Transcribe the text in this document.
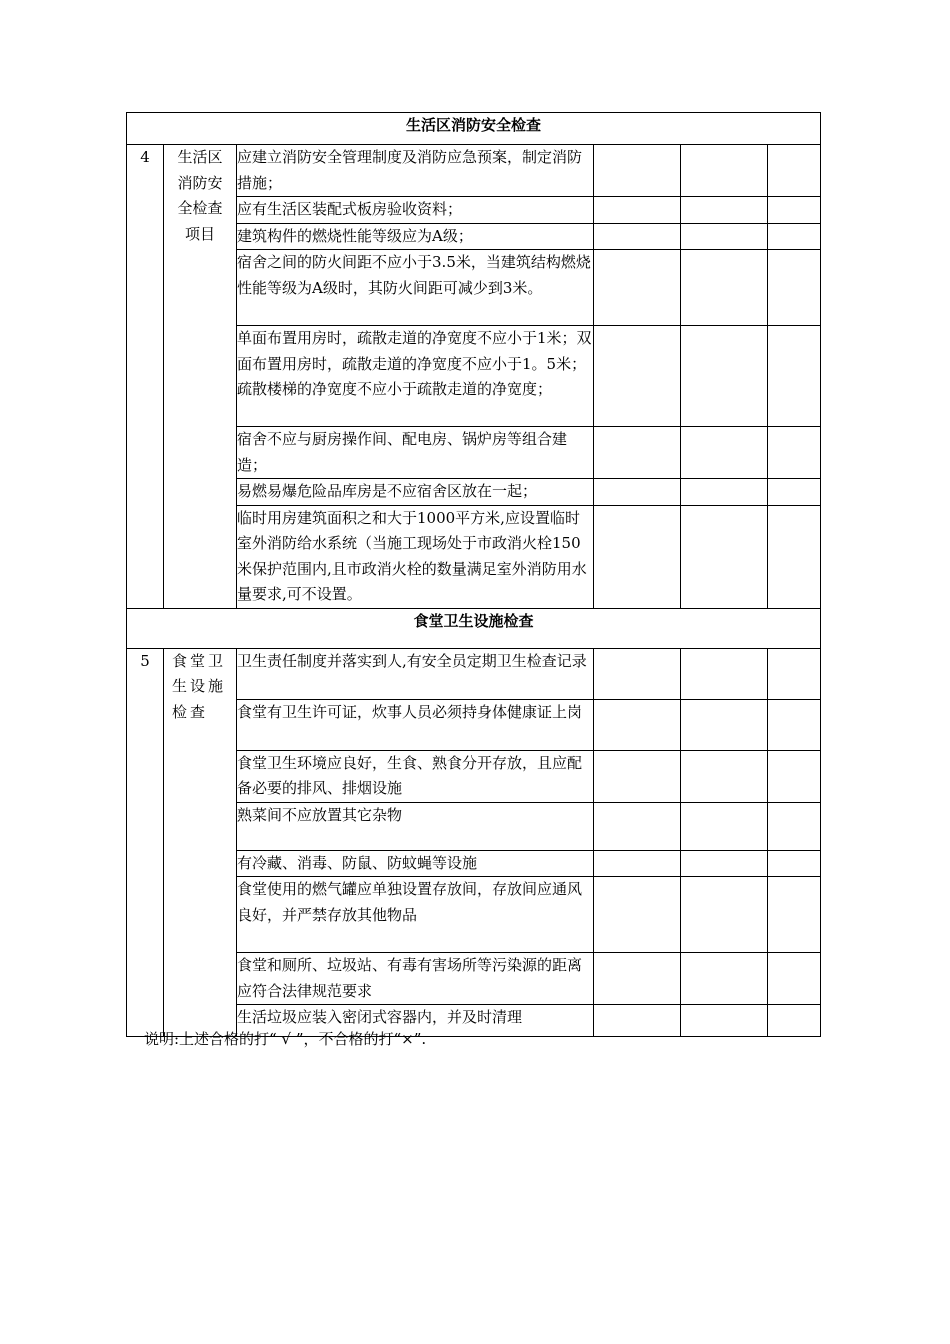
生活区消防安全检查					
4	生活区
消防安
全检查
项目	应建立消防安全管理制度及消防应急预案，制定消防措施；			
		应有生活区装配式板房验收资料；			
		建筑构件的燃烧性能等级应为A级；			
		宿舍之间的防火间距不应小于3.5米，当建筑结构燃烧性能等级为A级时，其防火间距可减少到3米。			
		单面布置用房时，疏散走道的净宽度不应小于1米；双面布置用房时，疏散走道的净宽度不应小于1。5米；疏散楼梯的净宽度不应小于疏散走道的净宽度；			
		宿舍不应与厨房操作间、配电房、锅炉房等组合建造；			
		易燃易爆危险品库房是不应宿舍区放在一起；			
		临时用房建筑面积之和大于1000平方米,应设置临时室外消防给水系统（当施工现场处于市政消火栓150米保护范围内,且市政消火栓的数量满足室外消防用水量要求,可不设置。			
食堂卫生设施检查					
5	食堂卫
生设施
检查	卫生责任制度并落实到人,有安全员定期卫生检查记录			
		食堂有卫生许可证，炊事人员必须持身体健康证上岗			
		食堂卫生环境应良好，生食、熟食分开存放，且应配备必要的排风、排烟设施			
		熟菜间不应放置其它杂物			
		有冷藏、消毒、防鼠、防蚊蝇等设施			
		食堂使用的燃气罐应单独设置存放间，存放间应通风良好，并严禁存放其他物品			
		食堂和厕所、垃圾站、有毒有害场所等污染源的距离应符合法律规范要求			
		生活垃圾应装入密闭式容器内，并及时清理			
说明:上述合格的打“ √ ”，不合格的打“×”.
